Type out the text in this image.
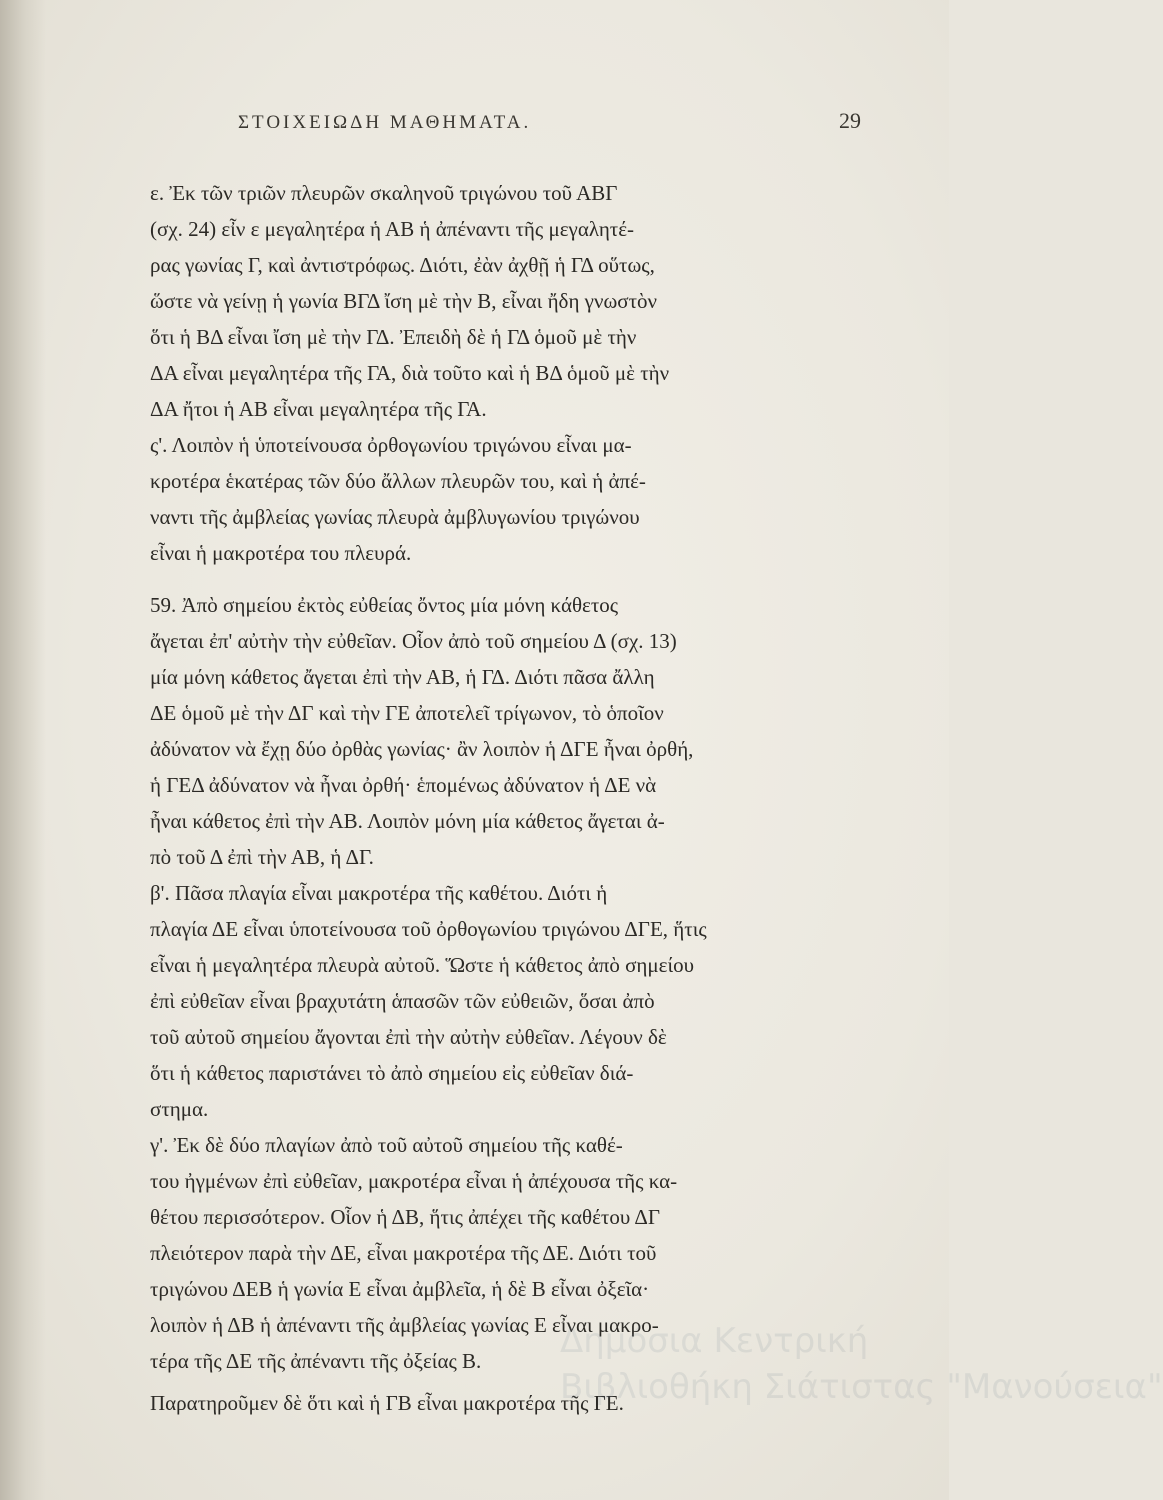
ΣΤΟΙΧΕΙΩΔΗ ΜΑΘΗΜΑΤΑ.	29
ε. Ἐκ τῶν τριῶν πλευρῶν σκαληνοῦ τριγώνου τοῦ ΑΒΓ
(σχ. 24) εἶν ε μεγαλητέρα ἡ ΑΒ ἡ ἀπέναντι τῆς μεγαλητέ-
ρας γωνίας Γ, καὶ ἀντιστρόφως. Διότι, ἐὰν ἀχθῇ ἡ ΓΔ οὕτως,
ὥστε νὰ γείνῃ ἡ γωνία ΒΓΔ ἴση μὲ τὴν Β, εἶναι ἤδη γνωστὸν
ὅτι ἡ ΒΔ εἶναι ἴση μὲ τὴν ΓΔ. Ἐπειδὴ δὲ ἡ ΓΔ ὁμοῦ μὲ τὴν
ΔΑ εἶναι μεγαλητέρα τῆς ΓΑ, διὰ τοῦτο καὶ ἡ ΒΔ ὁμοῦ μὲ τὴν
ΔΑ ἤτοι ἡ ΑΒ εἶναι μεγαλητέρα τῆς ΓΑ.
ς'. Λοιπὸν ἡ ὑποτείνουσα ὀρθογωνίου τριγώνου εἶναι μα-
κροτέρα ἑκατέρας τῶν δύο ἄλλων πλευρῶν του, καὶ ἡ ἀπέ-
ναντι τῆς ἀμβλείας γωνίας πλευρὰ ἀμβλυγωνίου τριγώνου
εἶναι ἡ μακροτέρα του πλευρά.
59. Ἀπὸ σημείου ἐκτὸς εὐθείας ὄντος μία μόνη κάθετος
ἄγεται ἐπ' αὐτὴν τὴν εὐθεῖαν. Οἷον ἀπὸ τοῦ σημείου Δ (σχ. 13)
μία μόνη κάθετος ἄγεται ἐπὶ τὴν ΑΒ, ἡ ΓΔ. Διότι πᾶσα ἄλλη
ΔΕ ὁμοῦ μὲ τὴν ΔΓ καὶ τὴν ΓΕ ἀποτελεῖ τρίγωνον, τὸ ὁποῖον
ἀδύνατον νὰ ἔχῃ δύο ὀρθὰς γωνίας· ἂν λοιπὸν ἡ ΔΓΕ ἦναι ὀρθή,
ἡ ΓΕΔ ἀδύνατον νὰ ἦναι ὀρθή· ἑπομένως ἀδύνατον ἡ ΔΕ νὰ
ἦναι κάθετος ἐπὶ τὴν ΑΒ. Λοιπὸν μόνη μία κάθετος ἄγεται ἀ-
πὸ τοῦ Δ ἐπὶ τὴν ΑΒ, ἡ ΔΓ.
β'. Πᾶσα πλαγία εἶναι μακροτέρα τῆς καθέτου. Διότι ἡ
πλαγία ΔΕ εἶναι ὑποτείνουσα τοῦ ὀρθογωνίου τριγώνου ΔΓΕ, ἥτις
εἶναι ἡ μεγαλητέρα πλευρὰ αὐτοῦ. Ὥστε ἡ κάθετος ἀπὸ σημείου
ἐπὶ εὐθεῖαν εἶναι βραχυτάτη ἁπασῶν τῶν εὐθειῶν, ὅσαι ἀπὸ
τοῦ αὐτοῦ σημείου ἄγονται ἐπὶ τὴν αὐτὴν εὐθεῖαν. Λέγουν δὲ
ὅτι ἡ κάθετος παριστάνει τὸ ἀπὸ σημείου εἰς εὐθεῖαν διά-
στημα.
γ'. Ἐκ δὲ δύο πλαγίων ἀπὸ τοῦ αὐτοῦ σημείου τῆς καθέ-
του ἠγμένων ἐπὶ εὐθεῖαν, μακροτέρα εἶναι ἡ ἀπέχουσα τῆς κα-
θέτου περισσότερον. Οἷον ἡ ΔΒ, ἥτις ἀπέχει τῆς καθέτου ΔΓ
πλειότερον παρὰ τὴν ΔΕ, εἶναι μακροτέρα τῆς ΔΕ. Διότι τοῦ
τριγώνου ΔΕΒ ἡ γωνία Ε εἶναι ἀμβλεῖα, ἡ δὲ Β εἶναι ὀξεῖα·
λοιπὸν ἡ ΔΒ ἡ ἀπέναντι τῆς ἀμβλείας γωνίας Ε εἶναι μακρο-
τέρα τῆς ΔΕ τῆς ἀπέναντι τῆς ὀξείας Β.
Παρατηροῦμεν δὲ ὅτι καὶ ἡ ΓΒ εἶναι μακροτέρα τῆς ΓΕ.
Δημόσια Κεντρική
Βιβλιοθήκη Σιάτιστας "Μανούσεια"
